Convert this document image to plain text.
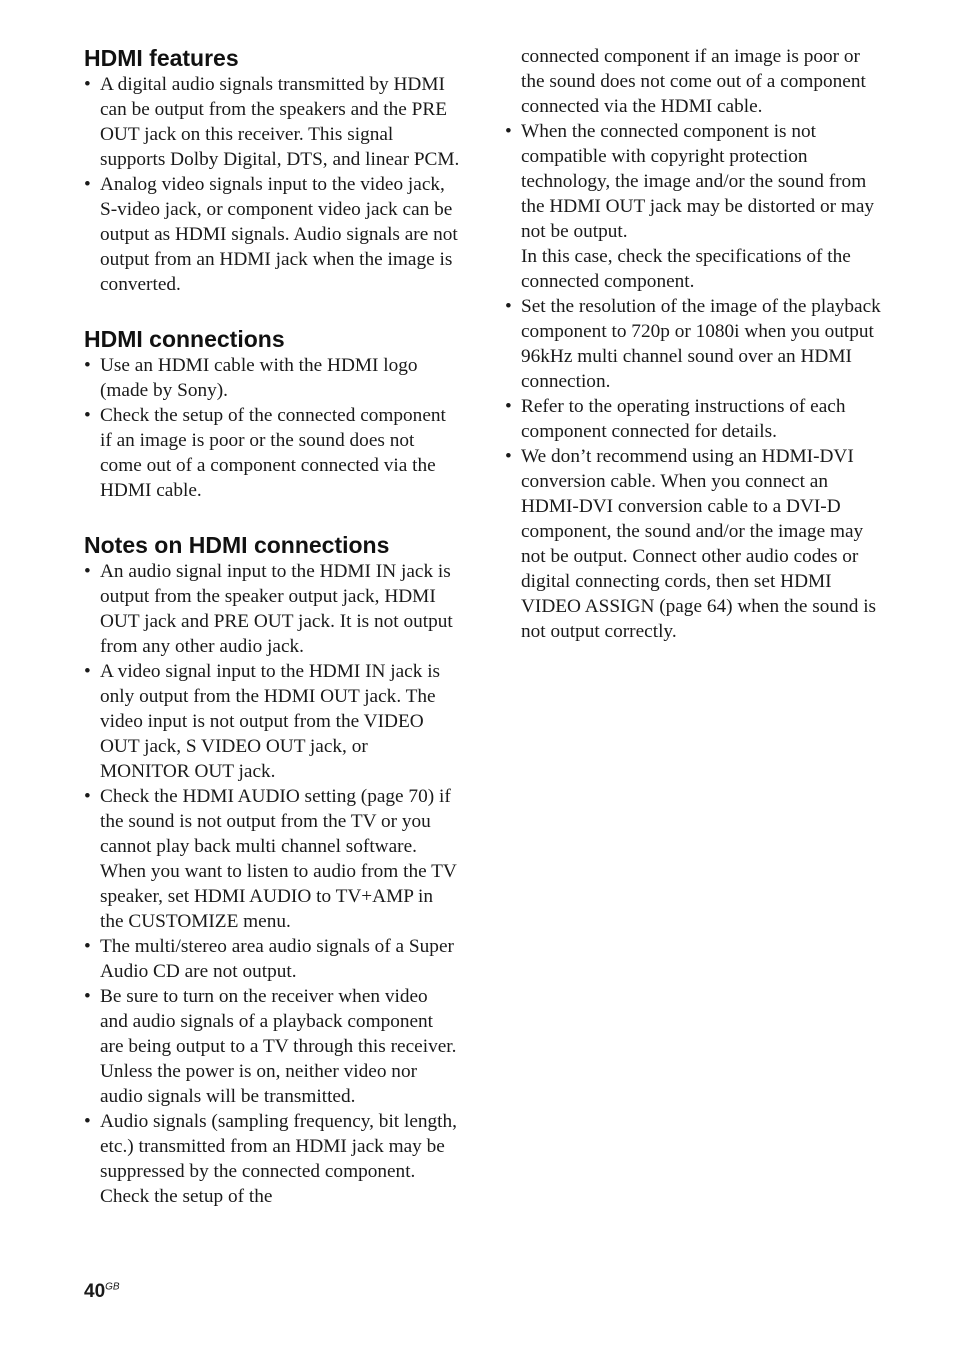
HDMI features
• A digital audio signals transmitted by HDMI can be output from the speakers and the PRE OUT jack on this receiver. This signal supports Dolby Digital, DTS, and linear PCM.
• Analog video signals input to the video jack, S-video jack, or component video jack can be output as HDMI signals. Audio signals are not output from an HDMI jack when the image is converted.
HDMI connections
• Use an HDMI cable with the HDMI logo (made by Sony).
• Check the setup of the connected component if an image is poor or the sound does not come out of a component connected via the HDMI cable.
Notes on HDMI connections
• An audio signal input to the HDMI IN jack is output from the speaker output jack, HDMI OUT jack and PRE OUT jack. It is not output from any other audio jack.
• A video signal input to the HDMI IN jack is only output from the HDMI OUT jack. The video input is not output from the VIDEO OUT jack, S VIDEO OUT jack, or MONITOR OUT jack.
• Check the HDMI AUDIO setting (page 70) if the sound is not output from the TV or you cannot play back multi channel software. When you want to listen to audio from the TV speaker, set HDMI AUDIO to TV+AMP in the CUSTOMIZE menu.
• The multi/stereo area audio signals of a Super Audio CD are not output.
• Be sure to turn on the receiver when video and audio signals of a playback component are being output to a TV through this receiver. Unless the power is on, neither video nor audio signals will be transmitted.
• Audio signals (sampling frequency, bit length, etc.) transmitted from an HDMI jack may be suppressed by the connected component. Check the setup of the

connected component if an image is poor or the sound does not come out of a component connected via the HDMI cable.

• When the connected component is not compatible with copyright protection technology, the image and/or the sound from the HDMI OUT jack may be distorted or may not be output.
In this case, check the specifications of the connected component.
• Set the resolution of the image of the playback component to 720p or 1080i when you output 96kHz multi channel sound over an HDMI connection.
• Refer to the operating instructions of each component connected for details.
• We don’t recommend using an HDMI-DVI conversion cable. When you connect an HDMI-DVI conversion cable to a DVI-D component, the sound and/or the image may not be output. Connect other audio codes or digital connecting cords, then set HDMI VIDEO ASSIGN (page 64) when the sound is not output correctly.
$40^{GB}$
